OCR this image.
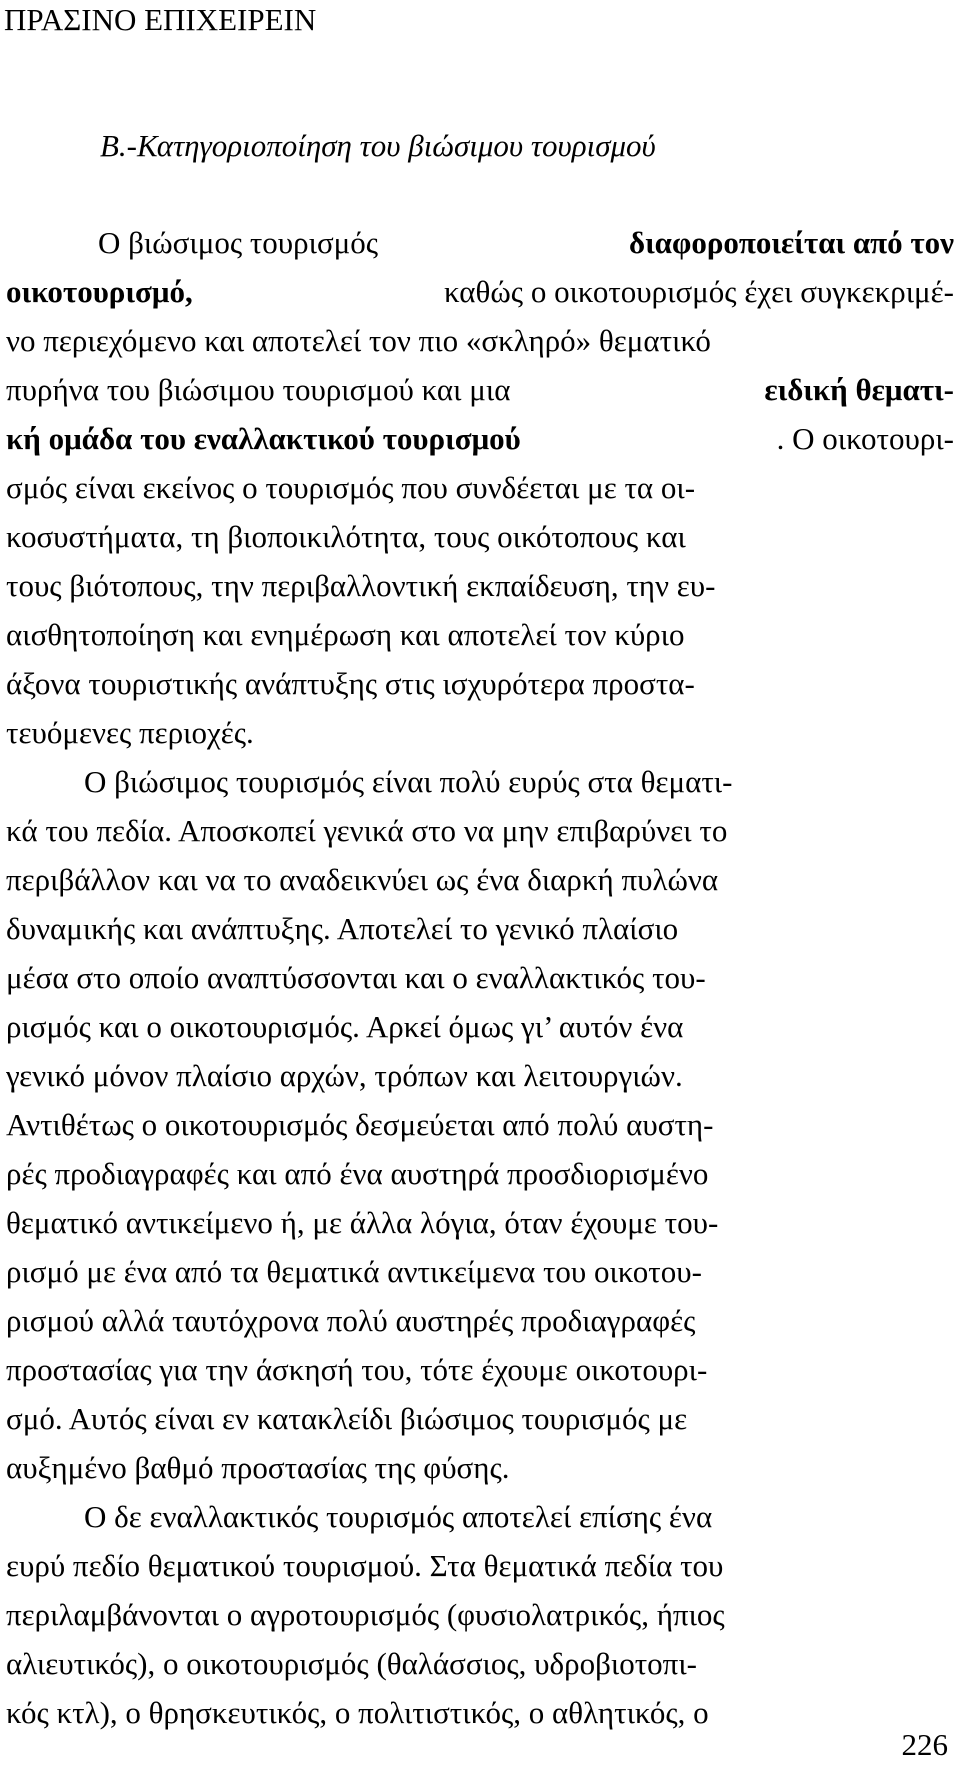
ΠΡΑΣΙΝΟ ΕΠΙΧΕΙΡΕΙΝ
Β.-Κατηγοριοποίηση του βιώσιμου τουρισμού
Ο βιώσιμος τουρισμός	διαφοροποιείται από τον
οικοτουρισμό,	καθώς ο οικοτουρισμός έχει συγκεκριμέ-
νο περιεχόμενο και αποτελεί τον πιο «σκληρό» θεματικό
πυρήνα του βιώσιμου τουρισμού και μια	ειδική θεματι-
κή ομάδα του εναλλακτικού τουρισμού	. Ο οικοτουρι-
σμός είναι εκείνος ο τουρισμός που συνδέεται με τα οι-
κοσυστήματα, τη βιοποικιλότητα, τους οικότοπους και
τους βιότοπους, την περιβαλλοντική εκπαίδευση, την ευ-
αισθητοποίηση και ενημέρωση και αποτελεί τον κύριο
άξονα τουριστικής ανάπτυξης στις ισχυρότερα προστα-
τευόμενες περιοχές.
Ο βιώσιμος τουρισμός είναι πολύ ευρύς στα θεματι-
κά του πεδία. Αποσκοπεί γενικά στο να μην επιβαρύνει το
περιβάλλον και να το αναδεικνύει ως ένα διαρκή πυλώνα
δυναμικής και ανάπτυξης. Αποτελεί το γενικό πλαίσιο
μέσα στο οποίο αναπτύσσονται και ο εναλλακτικός του-
ρισμός και ο οικοτουρισμός. Αρκεί όμως γι’ αυτόν ένα
γενικό μόνον πλαίσιο αρχών, τρόπων και λειτουργιών.
Αντιθέτως ο οικοτουρισμός δεσμεύεται από πολύ αυστη-
ρές προδιαγραφές και από ένα αυστηρά προσδιορισμένο
θεματικό αντικείμενο ή, με άλλα λόγια, όταν έχουμε του-
ρισμό με ένα από τα θεματικά αντικείμενα του οικοτου-
ρισμού αλλά ταυτόχρονα πολύ αυστηρές προδιαγραφές
προστασίας για την άσκησή του, τότε έχουμε οικοτουρι-
σμό. Αυτός είναι εν κατακλείδι βιώσιμος τουρισμός με
αυξημένο βαθμό προστασίας της φύσης.
Ο δε εναλλακτικός τουρισμός αποτελεί επίσης ένα
ευρύ πεδίο θεματικού τουρισμού. Στα θεματικά πεδία του
περιλαμβάνονται ο αγροτουρισμός (φυσιολατρικός, ήπιος
αλιευτικός), ο οικοτουρισμός (θαλάσσιος, υδροβιοτοπι-
κός κτλ), ο θρησκευτικός, ο πολιτιστικός, ο αθλητικός, ο
226
